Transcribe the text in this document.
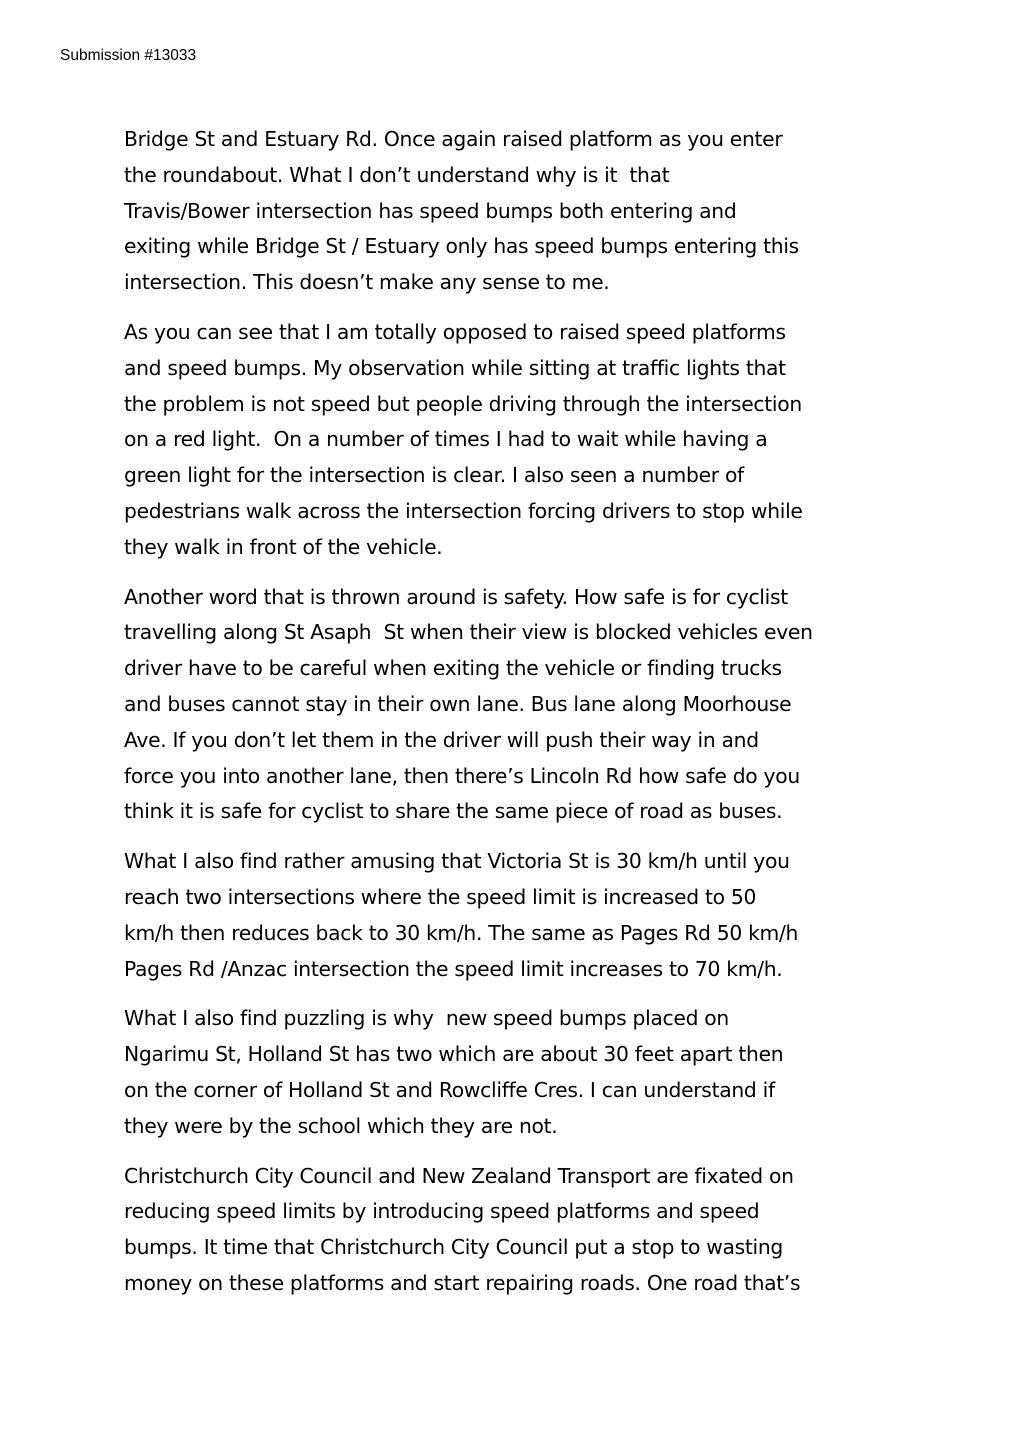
Submission #13033
Bridge St and Estuary Rd. Once again raised platform as you enter
the roundabout. What I don’t understand why is it  that
Travis/Bower intersection has speed bumps both entering and
exiting while Bridge St / Estuary only has speed bumps entering this
intersection. This doesn’t make any sense to me.
As you can see that I am totally opposed to raised speed platforms
and speed bumps. My observation while sitting at traffic lights that
the problem is not speed but people driving through the intersection
on a red light.  On a number of times I had to wait while having a
green light for the intersection is clear. I also seen a number of
pedestrians walk across the intersection forcing drivers to stop while
they walk in front of the vehicle.
Another word that is thrown around is safety. How safe is for cyclist
travelling along St Asaph  St when their view is blocked vehicles even
driver have to be careful when exiting the vehicle or finding trucks
and buses cannot stay in their own lane. Bus lane along Moorhouse
Ave. If you don’t let them in the driver will push their way in and
force you into another lane, then there’s Lincoln Rd how safe do you
think it is safe for cyclist to share the same piece of road as buses.
What I also find rather amusing that Victoria St is 30 km/h until you
reach two intersections where the speed limit is increased to 50
km/h then reduces back to 30 km/h. The same as Pages Rd 50 km/h
Pages Rd /Anzac intersection the speed limit increases to 70 km/h.
What I also find puzzling is why  new speed bumps placed on
Ngarimu St, Holland St has two which are about 30 feet apart then
on the corner of Holland St and Rowcliffe Cres. I can understand if
they were by the school which they are not.
Christchurch City Council and New Zealand Transport are fixated on
reducing speed limits by introducing speed platforms and speed
bumps. It time that Christchurch City Council put a stop to wasting
money on these platforms and start repairing roads. One road that’s
